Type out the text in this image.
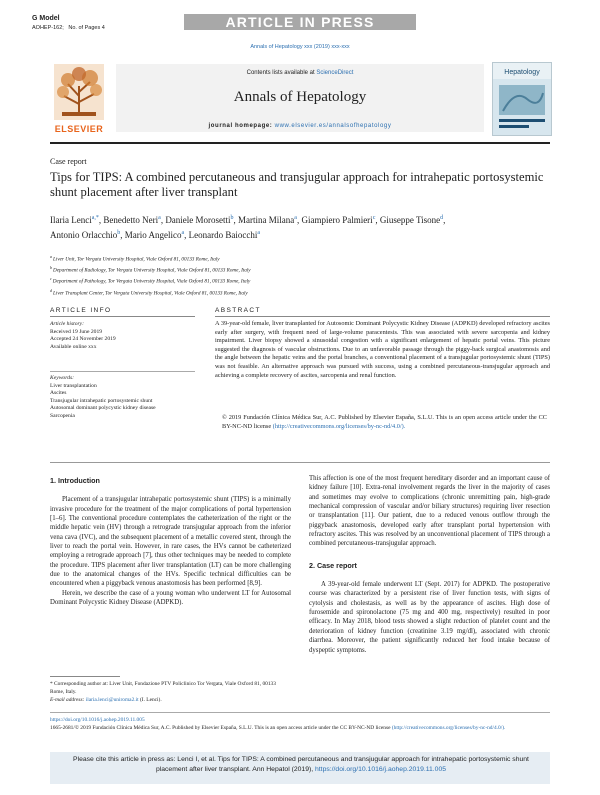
G Model
AOHEP-162; No. of Pages 4	ARTICLE IN PRESS
Annals of Hepatology xxx (2019) xxx-xxx
ELSEVIER
Contents lists available at ScienceDirect
Annals of Hepatology
journal homepage: www.elsevier.es/annalsofhepatology
Hepatology
Case report
Tips for TIPS: A combined percutaneous and transjugular approach for intrahepatic portosystemic shunt placement after liver transplant
Ilaria Lenci$^{a,*}$, Benedetto Neri$^a$, Daniele Morosetti$^b$, Martina Milana$^a$, Giampiero Palmieri$^c$, Giuseppe Tisone$^d$, Antonio Orlacchio$^b$, Mario Angelico$^a$, Leonardo Baiocchi$^a$
$^a$ Liver Unit, Tor Vergata University Hospital, Viale Oxford 81, 00133 Rome, Italy
$^b$ Department of Radiology, Tor Vergata University Hospital, Viale Oxford 81, 00133 Rome, Italy
$^c$ Department of Pathology, Tor Vergata University Hospital, Viale Oxford 81, 00133 Rome, Italy
$^d$ Liver Transplant Center, Tor Vergata University Hospital, Viale Oxford 81, 00133 Rome, Italy
ARTICLE INFO	ABSTRACT
Article history:
Received 19 June 2019
Accepted 24 November 2019
Available online xxx
Keywords:

Liver transplantation
Ascites
Transjugular intrahepatic portosystemic shunt
Autosomal dominant polycystic kidney disease
Sarcopenia
A 39-year-old female, liver transplanted for Autosomic Dominant Polycystic Kidney Disease (ADPKD) developed refractory ascites early after surgery, with frequent need of large-volume paracentesis. This was associated with severe sarcopenia and kidney impairment. Liver biopsy showed a sinusoidal congestion with a significant enlargement of hepatic portal veins. This picture suggested the diagnosis of vascular obstructions. Due to an unfavorable passage through the piggy-back surgical anastomosis and the angle between the hepatic veins and the portal branches, a conventional placement of a transjugular portosystemic shunt (TIPS) was not feasible. An alternative approach was pursued with success, using a combined percutaneous-transjugular approach and achieving a complete recovery of ascites, sarcopenia and renal function.
© 2019 Fundación Clínica Médica Sur, A.C. Published by Elsevier España, S.L.U. This is an open access article under the CC BY-NC-ND license (http://creativecommons.org/licenses/by-nc-nd/4.0/).
1. Introduction

Placement of a transjugular intrahepatic portosystemic shunt (TIPS) is a minimally invasive procedure for the treatment of the major complications of portal hypertension [1–6]. The conventional procedure contemplates the catheterization of the right or the middle hepatic vein (HV) through a retrograde transjugular approach from the inferior vena cava (IVC), and the subsequent placement of a metallic covered stent, through the liver to reach the portal vein. However, in rare cases, the HVs cannot be catheterized employing a retrograde approach [7], thus other techniques may be needed to complete the procedure. TIPS placement after liver transplantation (LT) can be more challenging due to the anatomical changes of the HVs. Specific technical difficulties can be encountered when a piggyback venous anastomosis has been performed [8,9].

Herein, we describe the case of a young woman who underwent LT for Autosomal Dominant Polycystic Kidney Disease (ADPKD).

This affection is one of the most frequent hereditary disorder and an important cause of kidney failure [10]. Extra-renal involvement regards the liver in the majority of cases and sometimes may evolve to complications (chronic unremitting pain, high-grade mechanical compression of vascular and/or biliary structures) requiring liver resection or transplantation [11]. Our patient, due to a reduced venous outflow through the piggyback anastomosis, developed early after transplant portal hypertension with refractory ascites. This was resolved by an unconventional placement of TIPS through a combined percutaneous-transjugular approach.

2. Case report

A 39-year-old female underwent LT (Sept. 2017) for ADPKD. The postoperative course was characterized by a persistent rise of liver function tests, with signs of cytolysis and cholestasis, as well as by the appearance of ascites. High dose of furosemide and spironolactone (75 mg and 400 mg, respectively) resulted in poor efficacy. In May 2018, blood tests showed a slight reduction of platelet count and the deterioration of kidney function (creatinine 3.19 mg/dl), associated with chronic diarrhea. Moreover, the patient significantly reduced her food intake because of dyspeptic symptoms.

* Corresponding author at: Liver Unit, Fondazione PTV Policlinico Tor Vergata, Viale Oxford 81, 00133 Rome, Italy.
E-mail address: ilaria.lenci@uniroma2.it (I. Lenci).
https://doi.org/10.1016/j.aohep.2019.11.005
1665-2681/© 2019 Fundación Clínica Médica Sur, A.C. Published by Elsevier España, S.L.U. This is an open access article under the CC BY-NC-ND license (http://creativecommons.org/licenses/by-nc-nd/4.0/).
Please cite this article in press as: Lenci I, et al. Tips for TIPS: A combined percutaneous and transjugular approach for intrahepatic portosystemic shunt placement after liver transplant. Ann Hepatol (2019), https://doi.org/10.1016/j.aohep.2019.11.005
